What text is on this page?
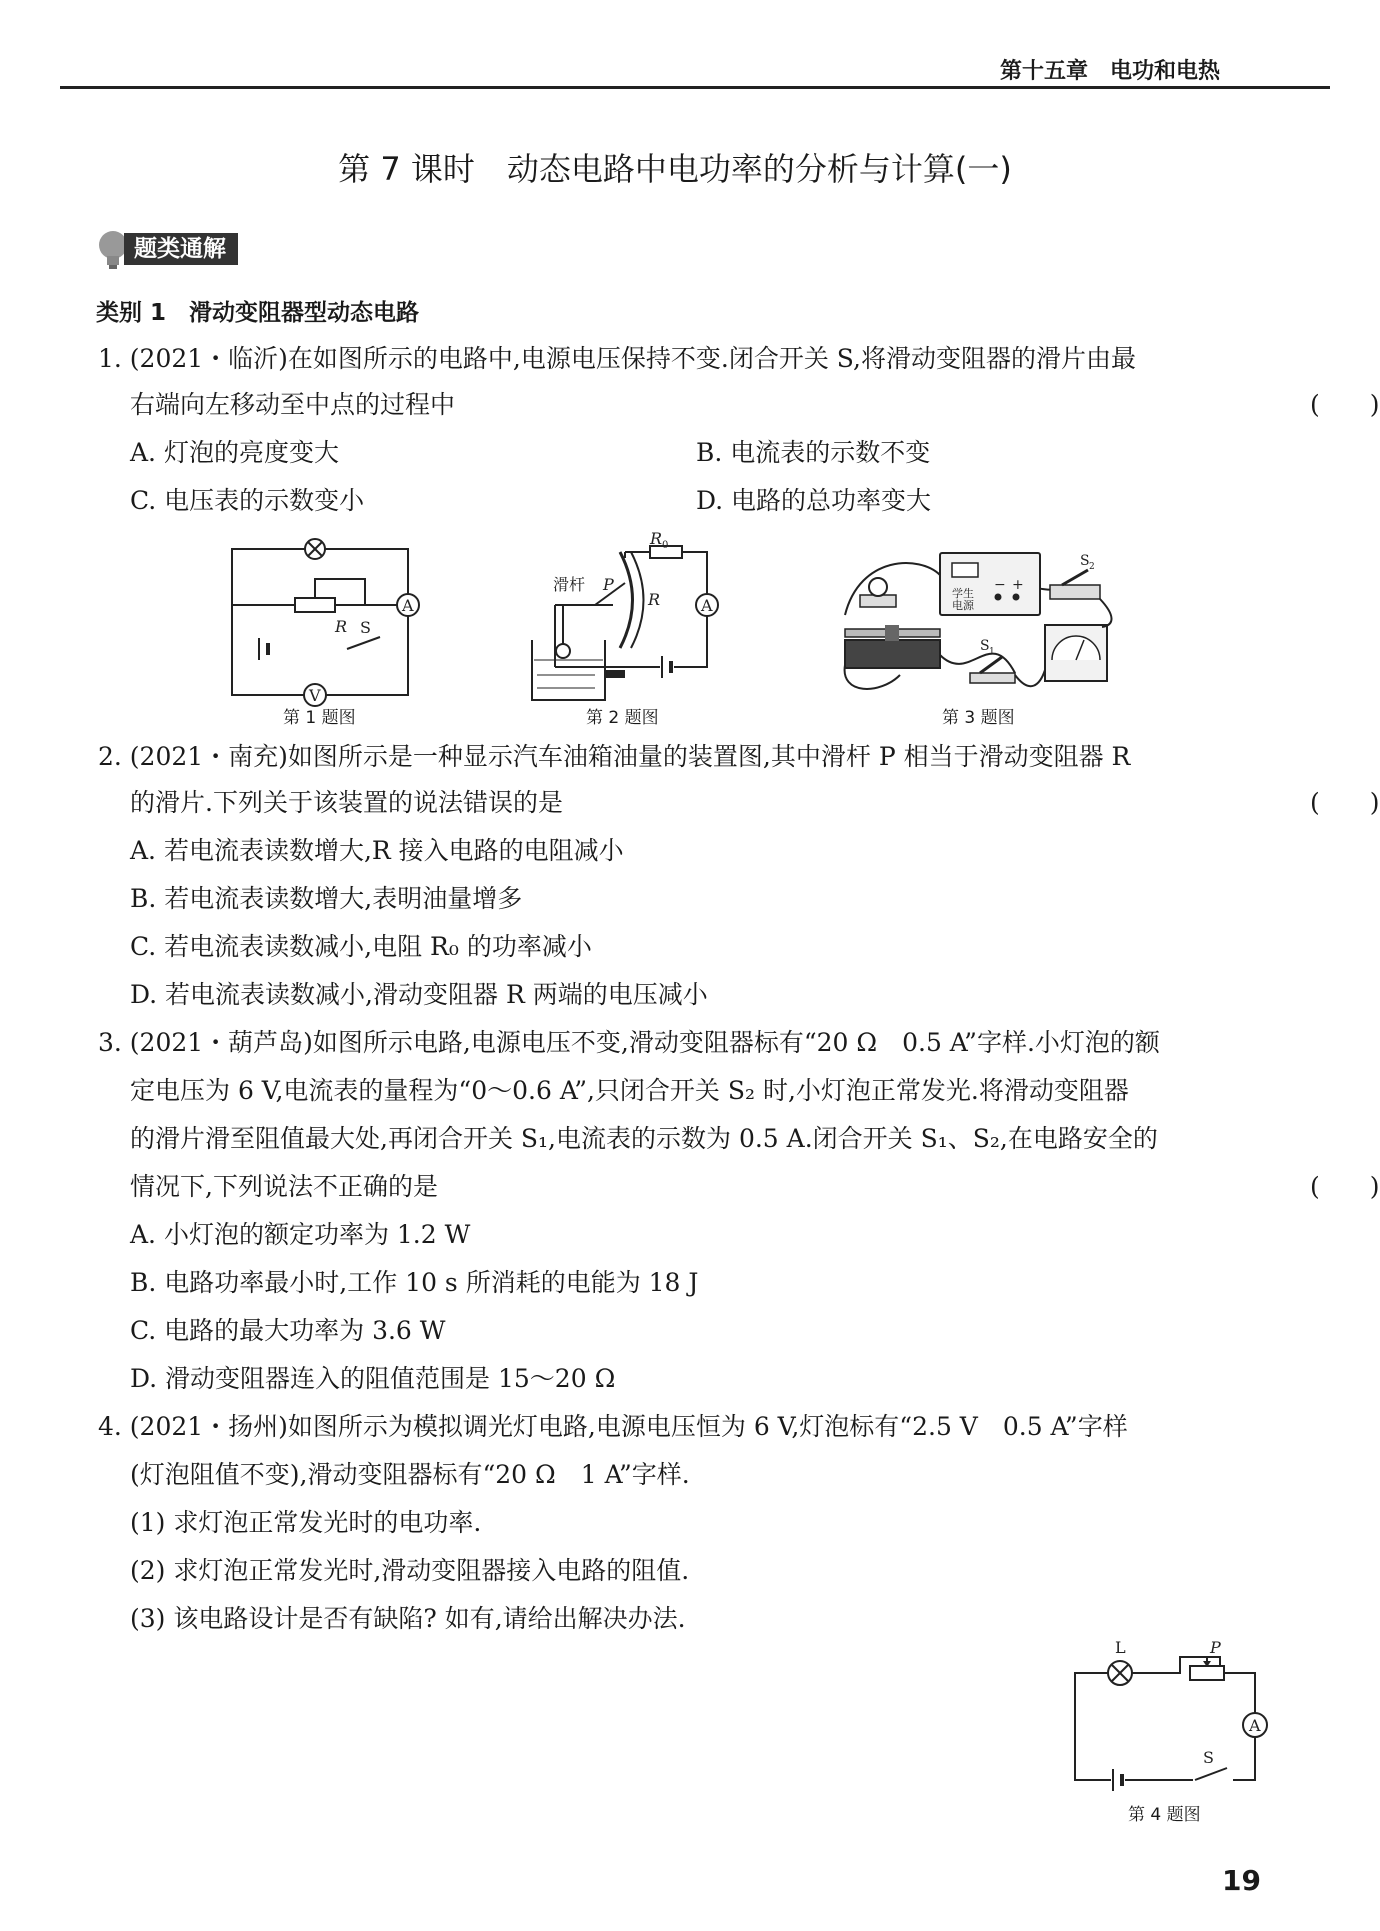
第十五章　 电功和电热
第 7 课时　动态电路中电功率的分析与计算(一)
题类通解
类别 1　滑动变阻器型动态电路
1. (2021・临沂)在如图所示的电路中,电源电压保持不变.闭合开关 S,将滑动变阻器的滑片由最
右端向左移动至中点的过程中	(　　)
A. 灯泡的亮度变大	B. 电流表的示数不变
C. 电压表的示数变小	D. 电路的总功率变大
R
A
S
V
第 1 题图
滑杆 P
R
R 0
A
第 2 题图
学生
电源
− +
S 2
S 1
第 3 题图
2. (2021・南充)如图所示是一种显示汽车油箱油量的装置图,其中滑杆 P 相当于滑动变阻器 R
的滑片.下列关于该装置的说法错误的是	(　　)
A. 若电流表读数增大,R 接入电路的电阻减小
B. 若电流表读数增大,表明油量增多
C. 若电流表读数减小,电阻 R₀ 的功率减小
D. 若电流表读数减小,滑动变阻器 R 两端的电压减小
3. (2021・葫芦岛)如图所示电路,电源电压不变,滑动变阻器标有“20 Ω　0.5 A”字样.小灯泡的额
定电压为 6 V,电流表的量程为“0～0.6 A”,只闭合开关 S₂ 时,小灯泡正常发光.将滑动变阻器
的滑片滑至阻值最大处,再闭合开关 S₁,电流表的示数为 0.5 A.闭合开关 S₁、S₂,在电路安全的
情况下,下列说法不正确的是	(　　)
A. 小灯泡的额定功率为 1.2 W
B. 电路功率最小时,工作 10 s 所消耗的电能为 18 J
C. 电路的最大功率为 3.6 W
D. 滑动变阻器连入的阻值范围是 15～20 Ω
4. (2021・扬州)如图所示为模拟调光灯电路,电源电压恒为 6 V,灯泡标有“2.5 V　0.5 A”字样
(灯泡阻值不变),滑动变阻器标有“20 Ω　1 A”字样.
(1) 求灯泡正常发光时的电功率.
(2) 求灯泡正常发光时,滑动变阻器接入电路的阻值.
(3) 该电路设计是否有缺陷? 如有,请给出解决办法.
L	P
A
S
第 4 题图
19
